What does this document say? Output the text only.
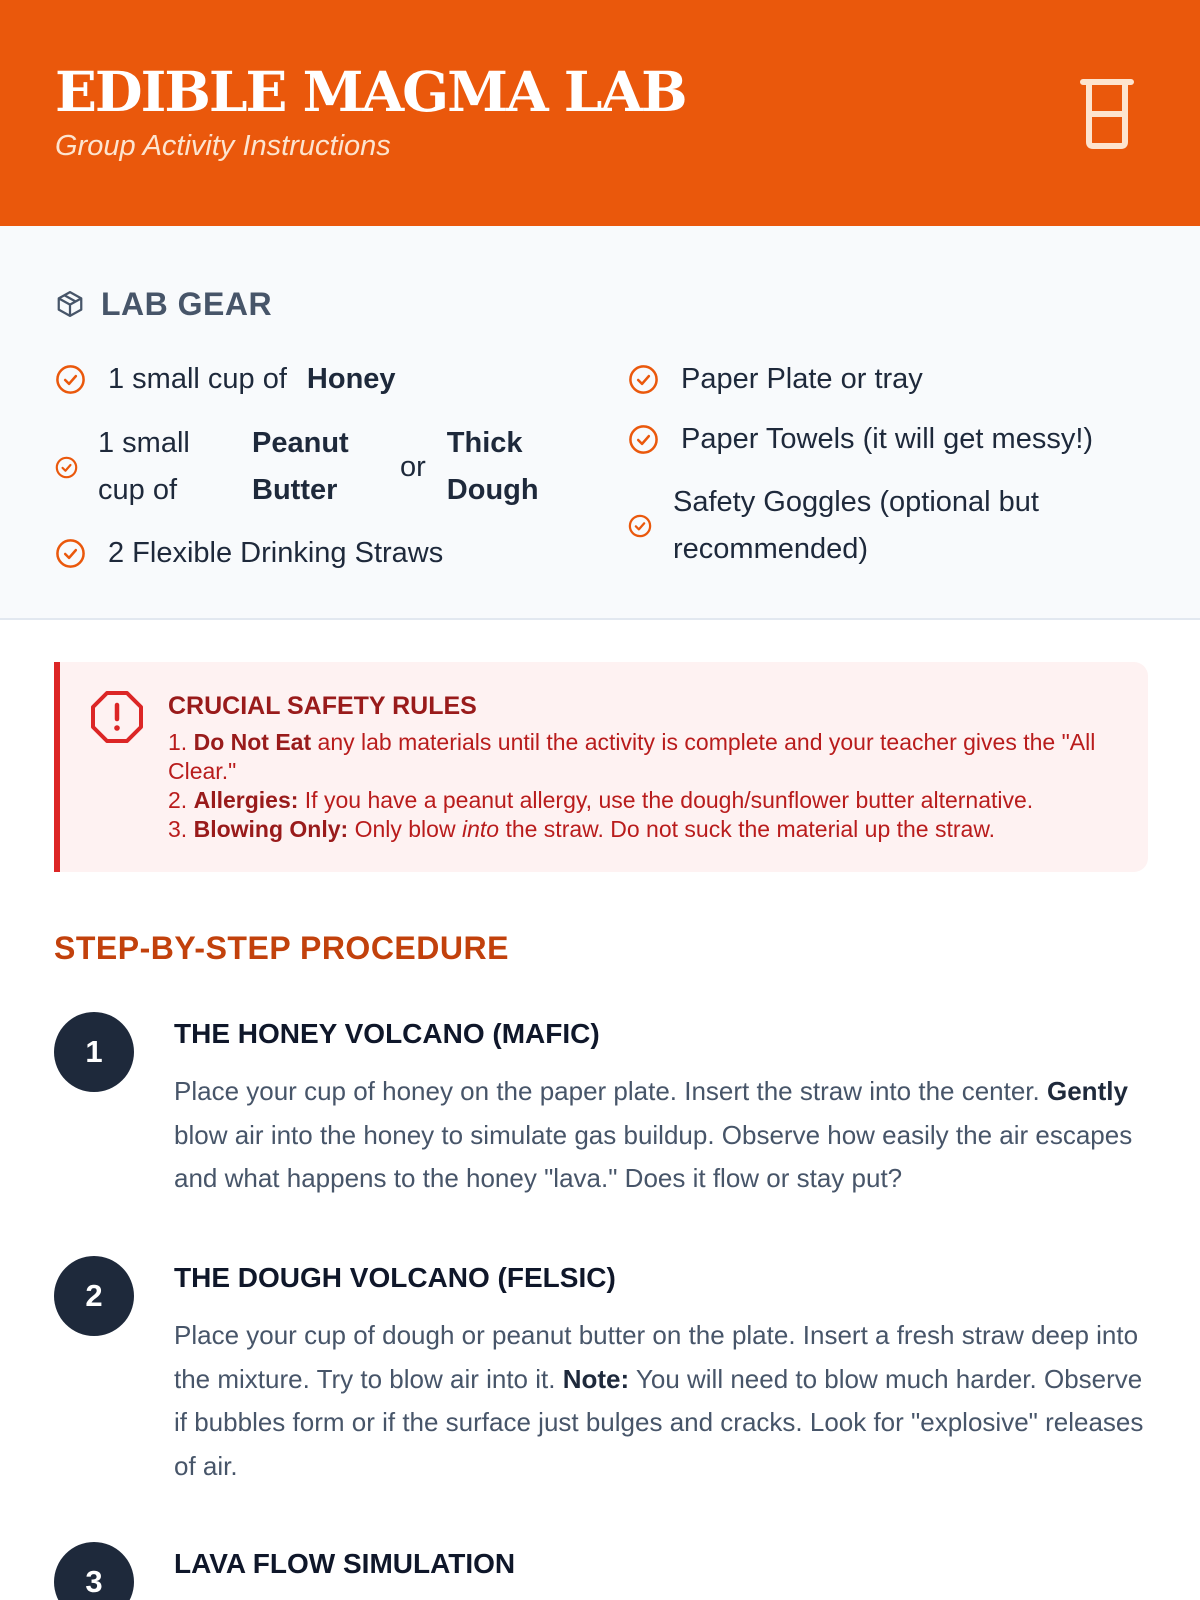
EDIBLE MAGMA LAB
Group Activity Instructions
LAB GEAR
1 small cup of Honey
1 small cup of
Peanut Butter
or
Thick Dough
2 Flexible Drinking Straws
Paper Plate or tray
Paper Towels (it will get messy!)
Safety Goggles (optional but recommended)
CRUCIAL SAFETY RULES
1. Do Not Eat any lab materials until the activity is complete and your teacher gives the "All Clear."
2. Allergies: If you have a peanut allergy, use the dough/sunflower butter alternative.
3. Blowing Only: Only blow into the straw. Do not suck the material up the straw.
STEP-BY-STEP PROCEDURE
1
THE HONEY VOLCANO (MAFIC)
Place your cup of honey on the paper plate. Insert the straw into the center. Gently blow air into the honey to simulate gas buildup. Observe how easily the air escapes and what happens to the honey "lava." Does it flow or stay put?
2
THE DOUGH VOLCANO (FELSIC)
Place your cup of dough or peanut butter on the plate. Insert a fresh straw deep into the mixture. Try to blow air into it. Note: You will need to blow much harder. Observe if bubbles form or if the surface just bulges and cracks. Look for "explosive" releases of air.
3
LAVA FLOW SIMULATION
